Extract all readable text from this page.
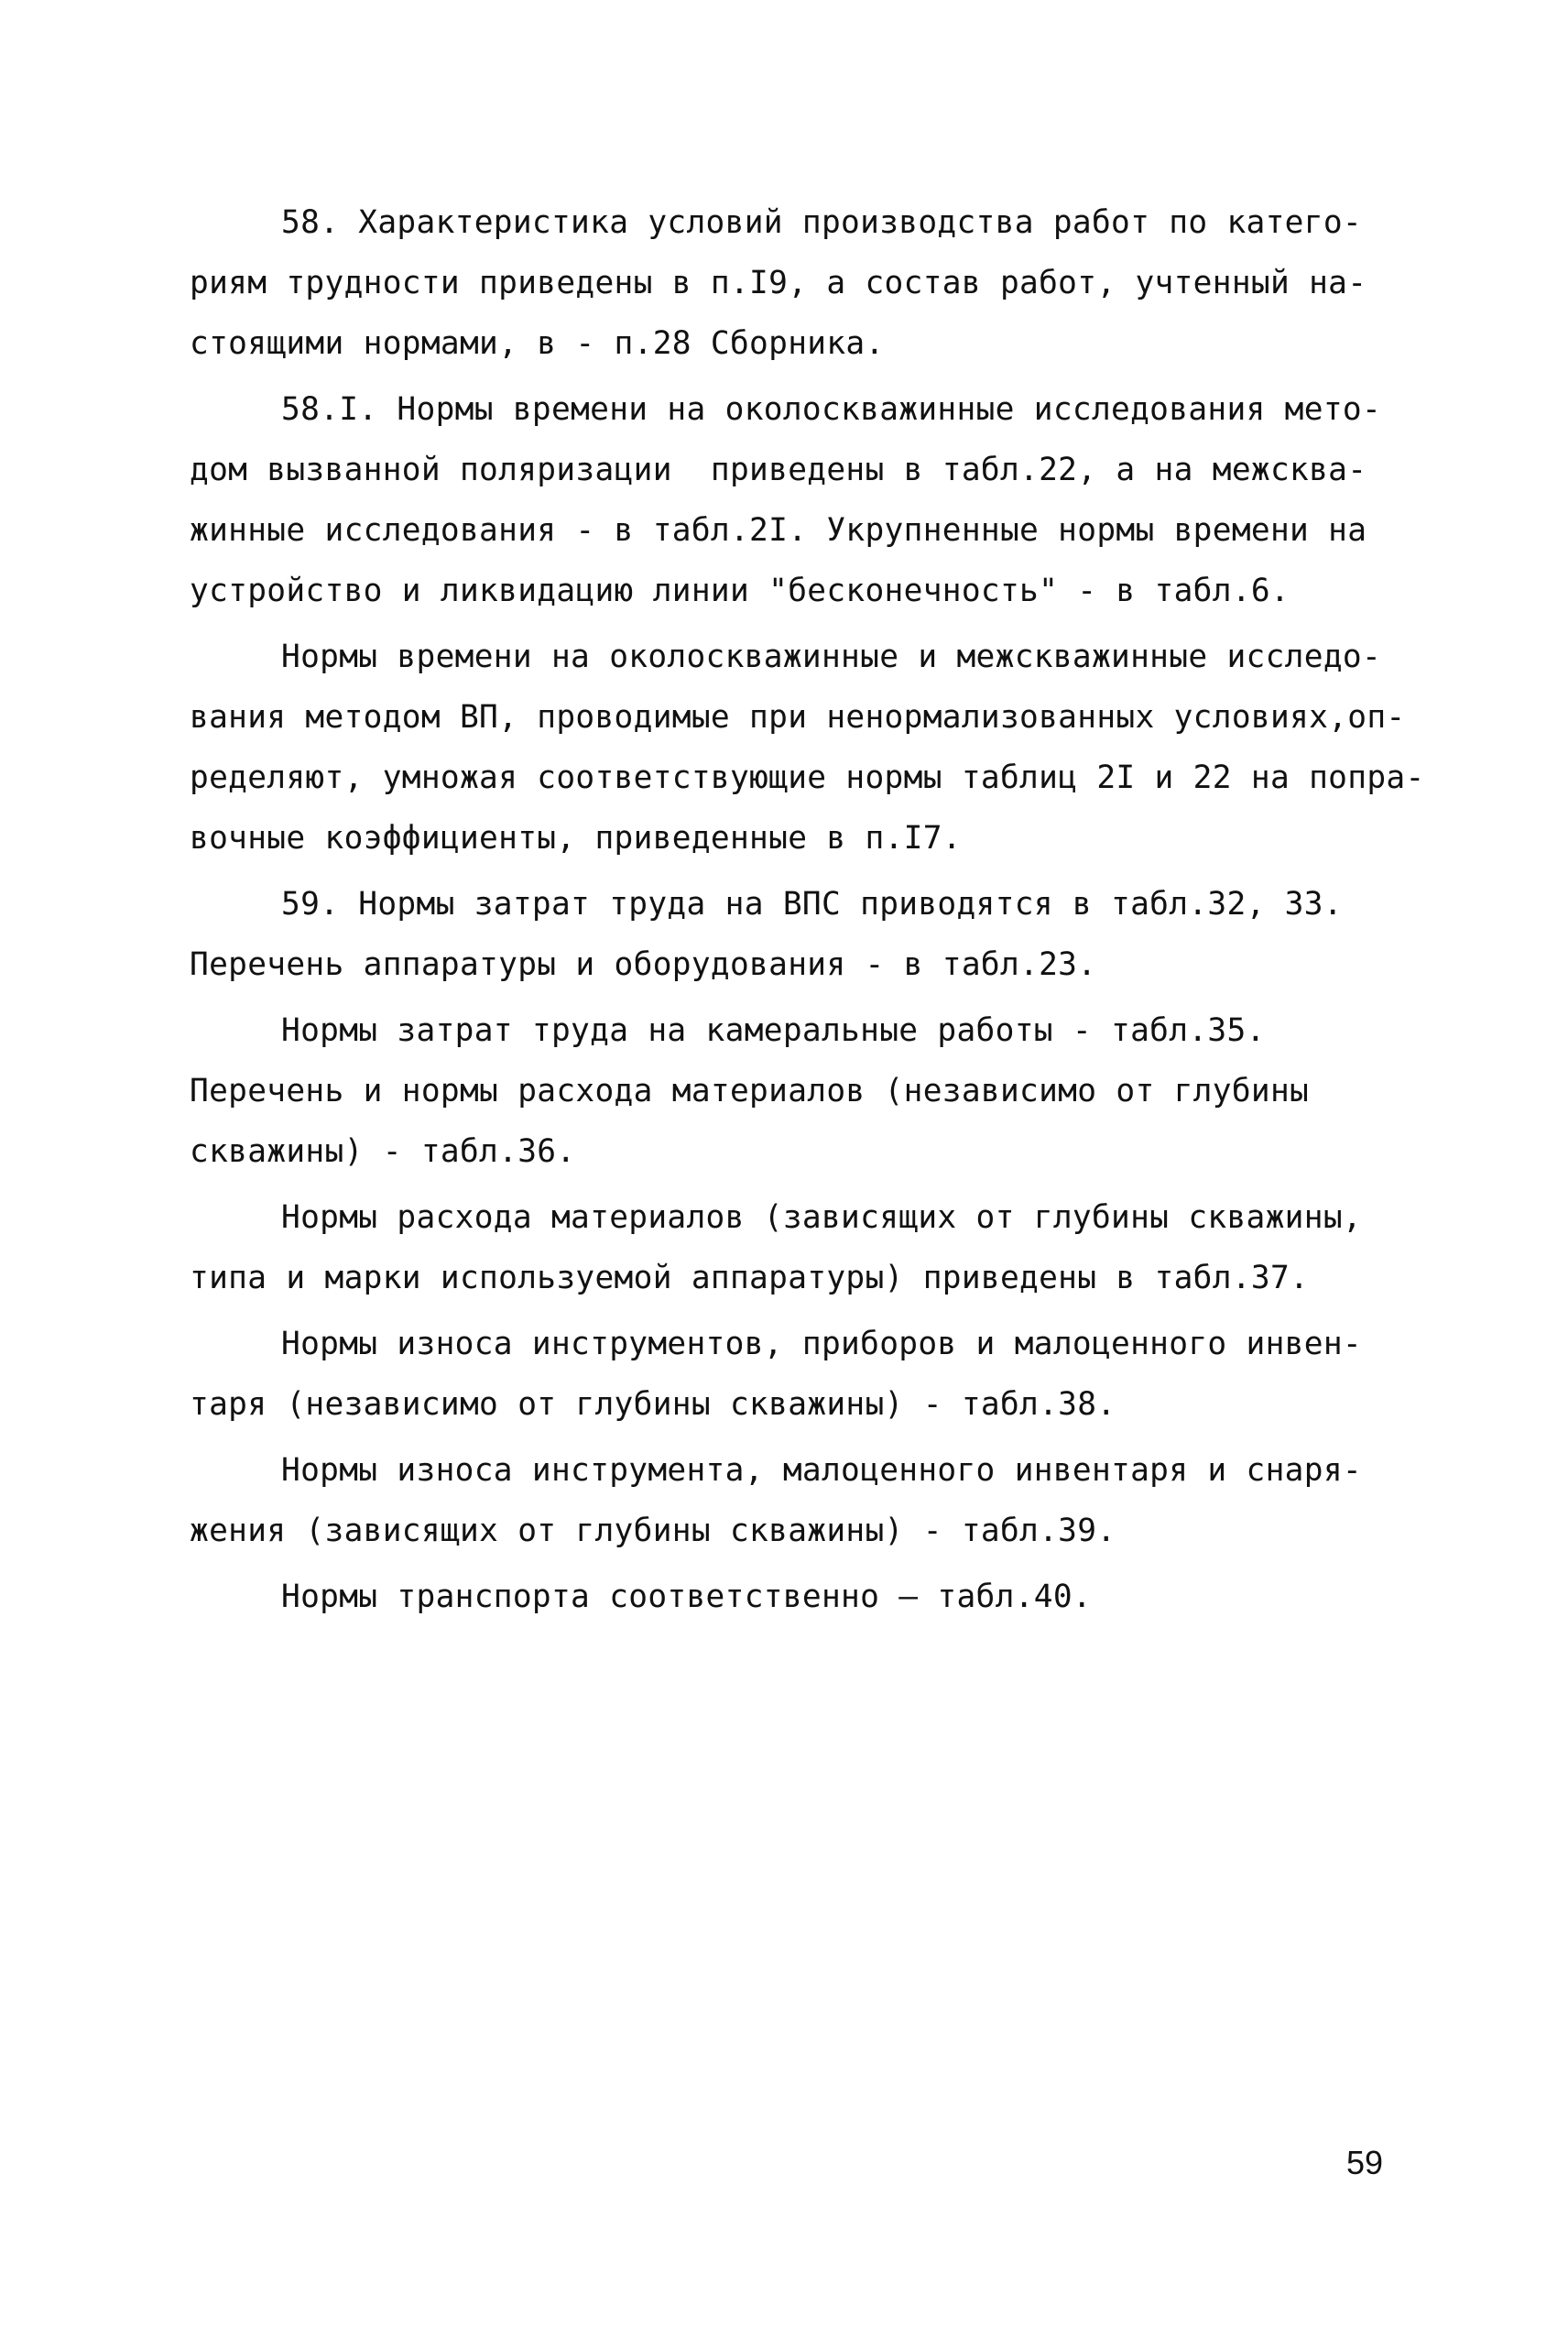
58. Характеристика условий производства работ по катего-
риям трудности приведены в п.I9, а состав работ, учтенный на-
стоящими нормами, в - п.28 Сборника.
58.I. Нормы времени на околоскважинные исследования мето-
дом вызванной поляризации  приведены в табл.22, а на межсква-
жинные исследования - в табл.2I. Укрупненные нормы времени на
устройство и ликвидацию линии "бесконечность" - в табл.6.
Нормы времени на околоскважинные и межскважинные исследо-
вания методом ВП, проводимые при ненормализованных условиях,оп-
ределяют, умножая соответствующие нормы таблиц 2I и 22 на попра-
вочные коэффициенты, приведенные в п.I7.
59. Нормы затрат труда на ВПС приводятся в табл.32, 33.
Перечень аппаратуры и оборудования - в табл.23.
Нормы затрат труда на камеральные работы - табл.35.
Перечень и нормы расхода материалов (независимо от глубины
скважины) - табл.36.
Нормы расхода материалов (зависящих от глубины скважины,
типа и марки используемой аппаратуры) приведены в табл.37.
Нормы износа инструментов, приборов и малоценного инвен-
таря (независимо от глубины скважины) - табл.38.
Нормы износа инструмента, малоценного инвентаря и снаря-
жения (зависящих от глубины скважины) - табл.39.
Нормы транспорта соответственно — табл.40.
59
